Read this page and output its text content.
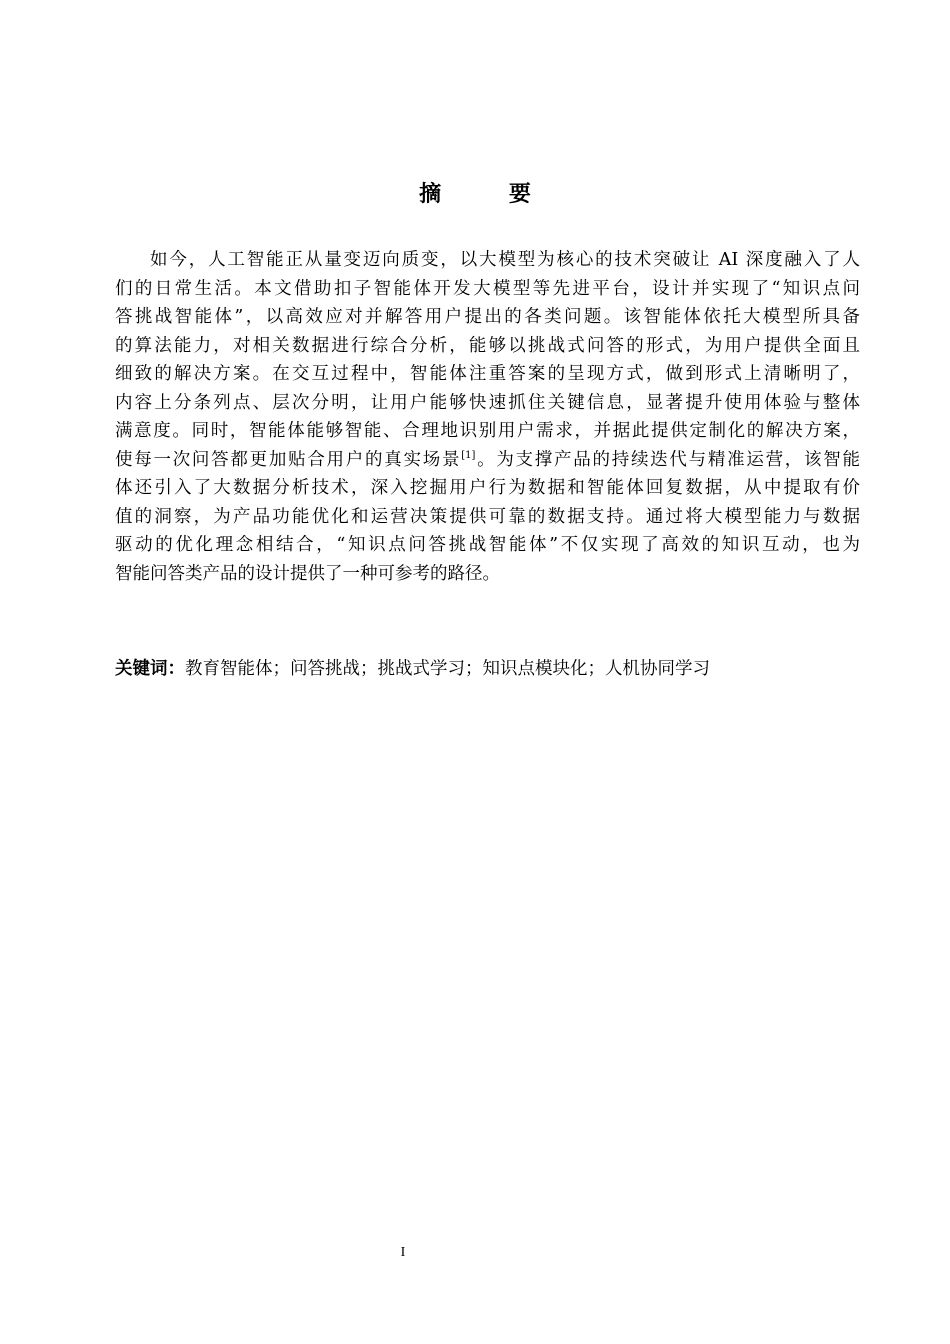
摘 要
如今，人工智能正从量变迈向质变，以大模型为核心的技术突破让 AI 深度融入了人
们的日常生活。本文借助扣子智能体开发大模型等先进平台，设计并实现了“知识点问
答挑战智能体”，以高效应对并解答用户提出的各类问题。该智能体依托大模型所具备
的算法能力，对相关数据进行综合分析，能够以挑战式问答的形式，为用户提供全面且
细致的解决方案。在交互过程中，智能体注重答案的呈现方式，做到形式上清晰明了，
内容上分条列点、层次分明，让用户能够快速抓住关键信息，显著提升使用体验与整体
满意度。同时，智能体能够智能、合理地识别用户需求，并据此提供定制化的解决方案，
使每一次问答都更加贴合用户的真实场景[1]。为支撑产品的持续迭代与精准运营，该智能
体还引入了大数据分析技术，深入挖掘用户行为数据和智能体回复数据，从中提取有价
值的洞察，为产品功能优化和运营决策提供可靠的数据支持。通过将大模型能力与数据
驱动的优化理念相结合，“知识点问答挑战智能体”不仅实现了高效的知识互动，也为
智能问答类产品的设计提供了一种可参考的路径。

关键词：教育智能体；问答挑战；挑战式学习；知识点模块化；人机协同学习

I
